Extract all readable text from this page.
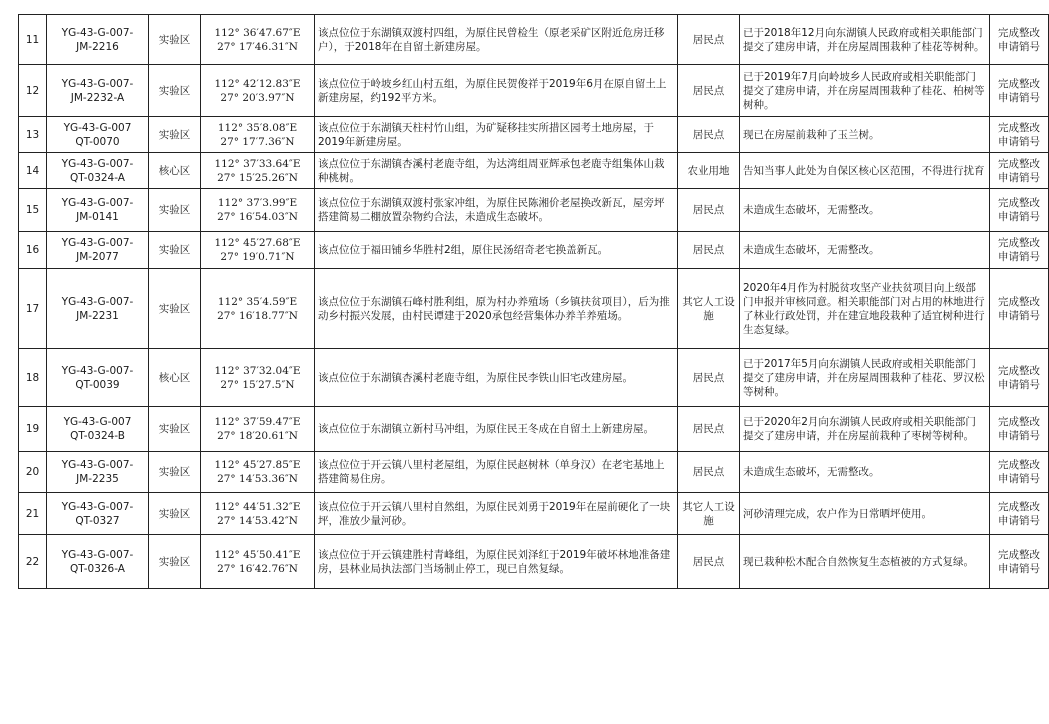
11	YG-43-G-007-
JM-2216	实验区	112° 36′47.67″E
27° 17′46.31″N	该点位位于东湖镇双渡村四组，为原住民曾检生（原老采矿区附近危房迁移户），于2018年在自留土新建房屋。	居民点	已于2018年12月向东湖镇人民政府或相关职能部门提交了建房申请，并在房屋周围栽种了桂花等树种。	完成整改申请销号
12	YG-43-G-007-
JM-2232-A	实验区	112° 42′12.83″E
27° 20′3.97″N	该点位位于岭坡乡红山村五组，为原住民贺俊祥于2019年6月在原自留土上新建房屋，约192平方米。	居民点	已于2019年7月向岭坡乡人民政府或相关职能部门提交了建房申请，并在房屋周围栽种了桂花、柏树等树种。	完成整改申请销号
13	YG-43-G-007
QT-0070	实验区	112° 35′8.08″E
27° 17′7.36″N	该点位位于东湖镇天柱村竹山组，为矿疑移挂实所措区园考土地房屋，于2019年新建房屋。	居民点	现已在房屋前栽种了玉兰树。	完成整改申请销号
14	YG-43-G-007-
QT-0324-A	核心区	112° 37′33.64″E
27° 15′25.26″N	该点位位于东湖镇杏溪村老鹿寺组，为达湾组周亚辉承包老鹿寺组集体山栽种桃树。	农业用地	告知当事人此处为自保区核心区范围，不得进行扰育	完成整改申请销号
15	YG-43-G-007-
JM-0141	实验区	112° 37′3.99″E
27° 16′54.03″N	该点位位于东湖镇双渡村张家冲组，为原住民陈湘价老屋换改新瓦，屋旁坪搭建简易二棚放置杂物约合法，未造成生态破坏。	居民点	未造成生态破坏，无需整改。	完成整改申请销号
16	YG-43-G-007-
JM-2077	实验区	112° 45′27.68″E
27° 19′0.71″N	该点位位于福田铺乡华胜村2组，原住民汤绍奇老宅换盖新瓦。	居民点	未造成生态破坏，无需整改。	完成整改申请销号
17	YG-43-G-007-
JM-2231	实验区	112° 35′4.59″E
27° 16′18.77″N	该点位位于东湖镇石峰村胜利组，原为村办养殖场（乡镇扶贫项目），后为推动乡村振兴发展，由村民谭建于2020承包经营集体办养羊养殖场。	其它人工设施	2020年4月作为村脱贫攻坚产业扶贫项目向上级部门申报并审核同意。相关职能部门对占用的林地进行了林业行政处罚，并在建宣地段栽种了适宜树种进行生态复绿。	完成整改申请销号
18	YG-43-G-007-
QT-0039	核心区	112° 37′32.04″E
27° 15′27.5″N	该点位位于东湖镇杏溪村老鹿寺组，为原住民李铁山旧宅改建房屋。	居民点	已于2017年5月向东湖镇人民政府或相关职能部门提交了建房申请，并在房屋周围栽种了桂花、罗汉松等树种。	完成整改申请销号
19	YG-43-G-007
QT-0324-B	实验区	112° 37′59.47″E
27° 18′20.61″N	该点位位于东湖镇立新村马冲组，为原住民王冬成在自留土上新建房屋。	居民点	已于2020年2月向东湖镇人民政府或相关职能部门提交了建房申请，并在房屋前栽种了枣树等树种。	完成整改申请销号
20	YG-43-G-007-
JM-2235	实验区	112° 45′27.85″E
27° 14′53.36″N	该点位位于开云镇八里村老屋组，为原住民赵树林（单身汉）在老宅基地上搭建简易住房。	居民点	未造成生态破坏，无需整改。	完成整改申请销号
21	YG-43-G-007-
QT-0327	实验区	112° 44′51.32″E
27° 14′53.42″N	该点位位于开云镇八里村自然组，为原住民刘勇于2019年在屋前硬化了一块坪，准放少量河砂。	其它人工设施	河砂清理完成，农户作为日常晒坪使用。	完成整改申请销号
22	YG-43-G-007-
QT-0326-A	实验区	112° 45′50.41″E
27° 16′42.76″N	该点位位于开云镇建胜村青峰组，为原住民刘泽红于2019年破坏林地准备建房，县林业局执法部门当场制止停工，现已自然复绿。	居民点	现已栽种松木配合自然恢复生态植被的方式复绿。	完成整改申请销号
